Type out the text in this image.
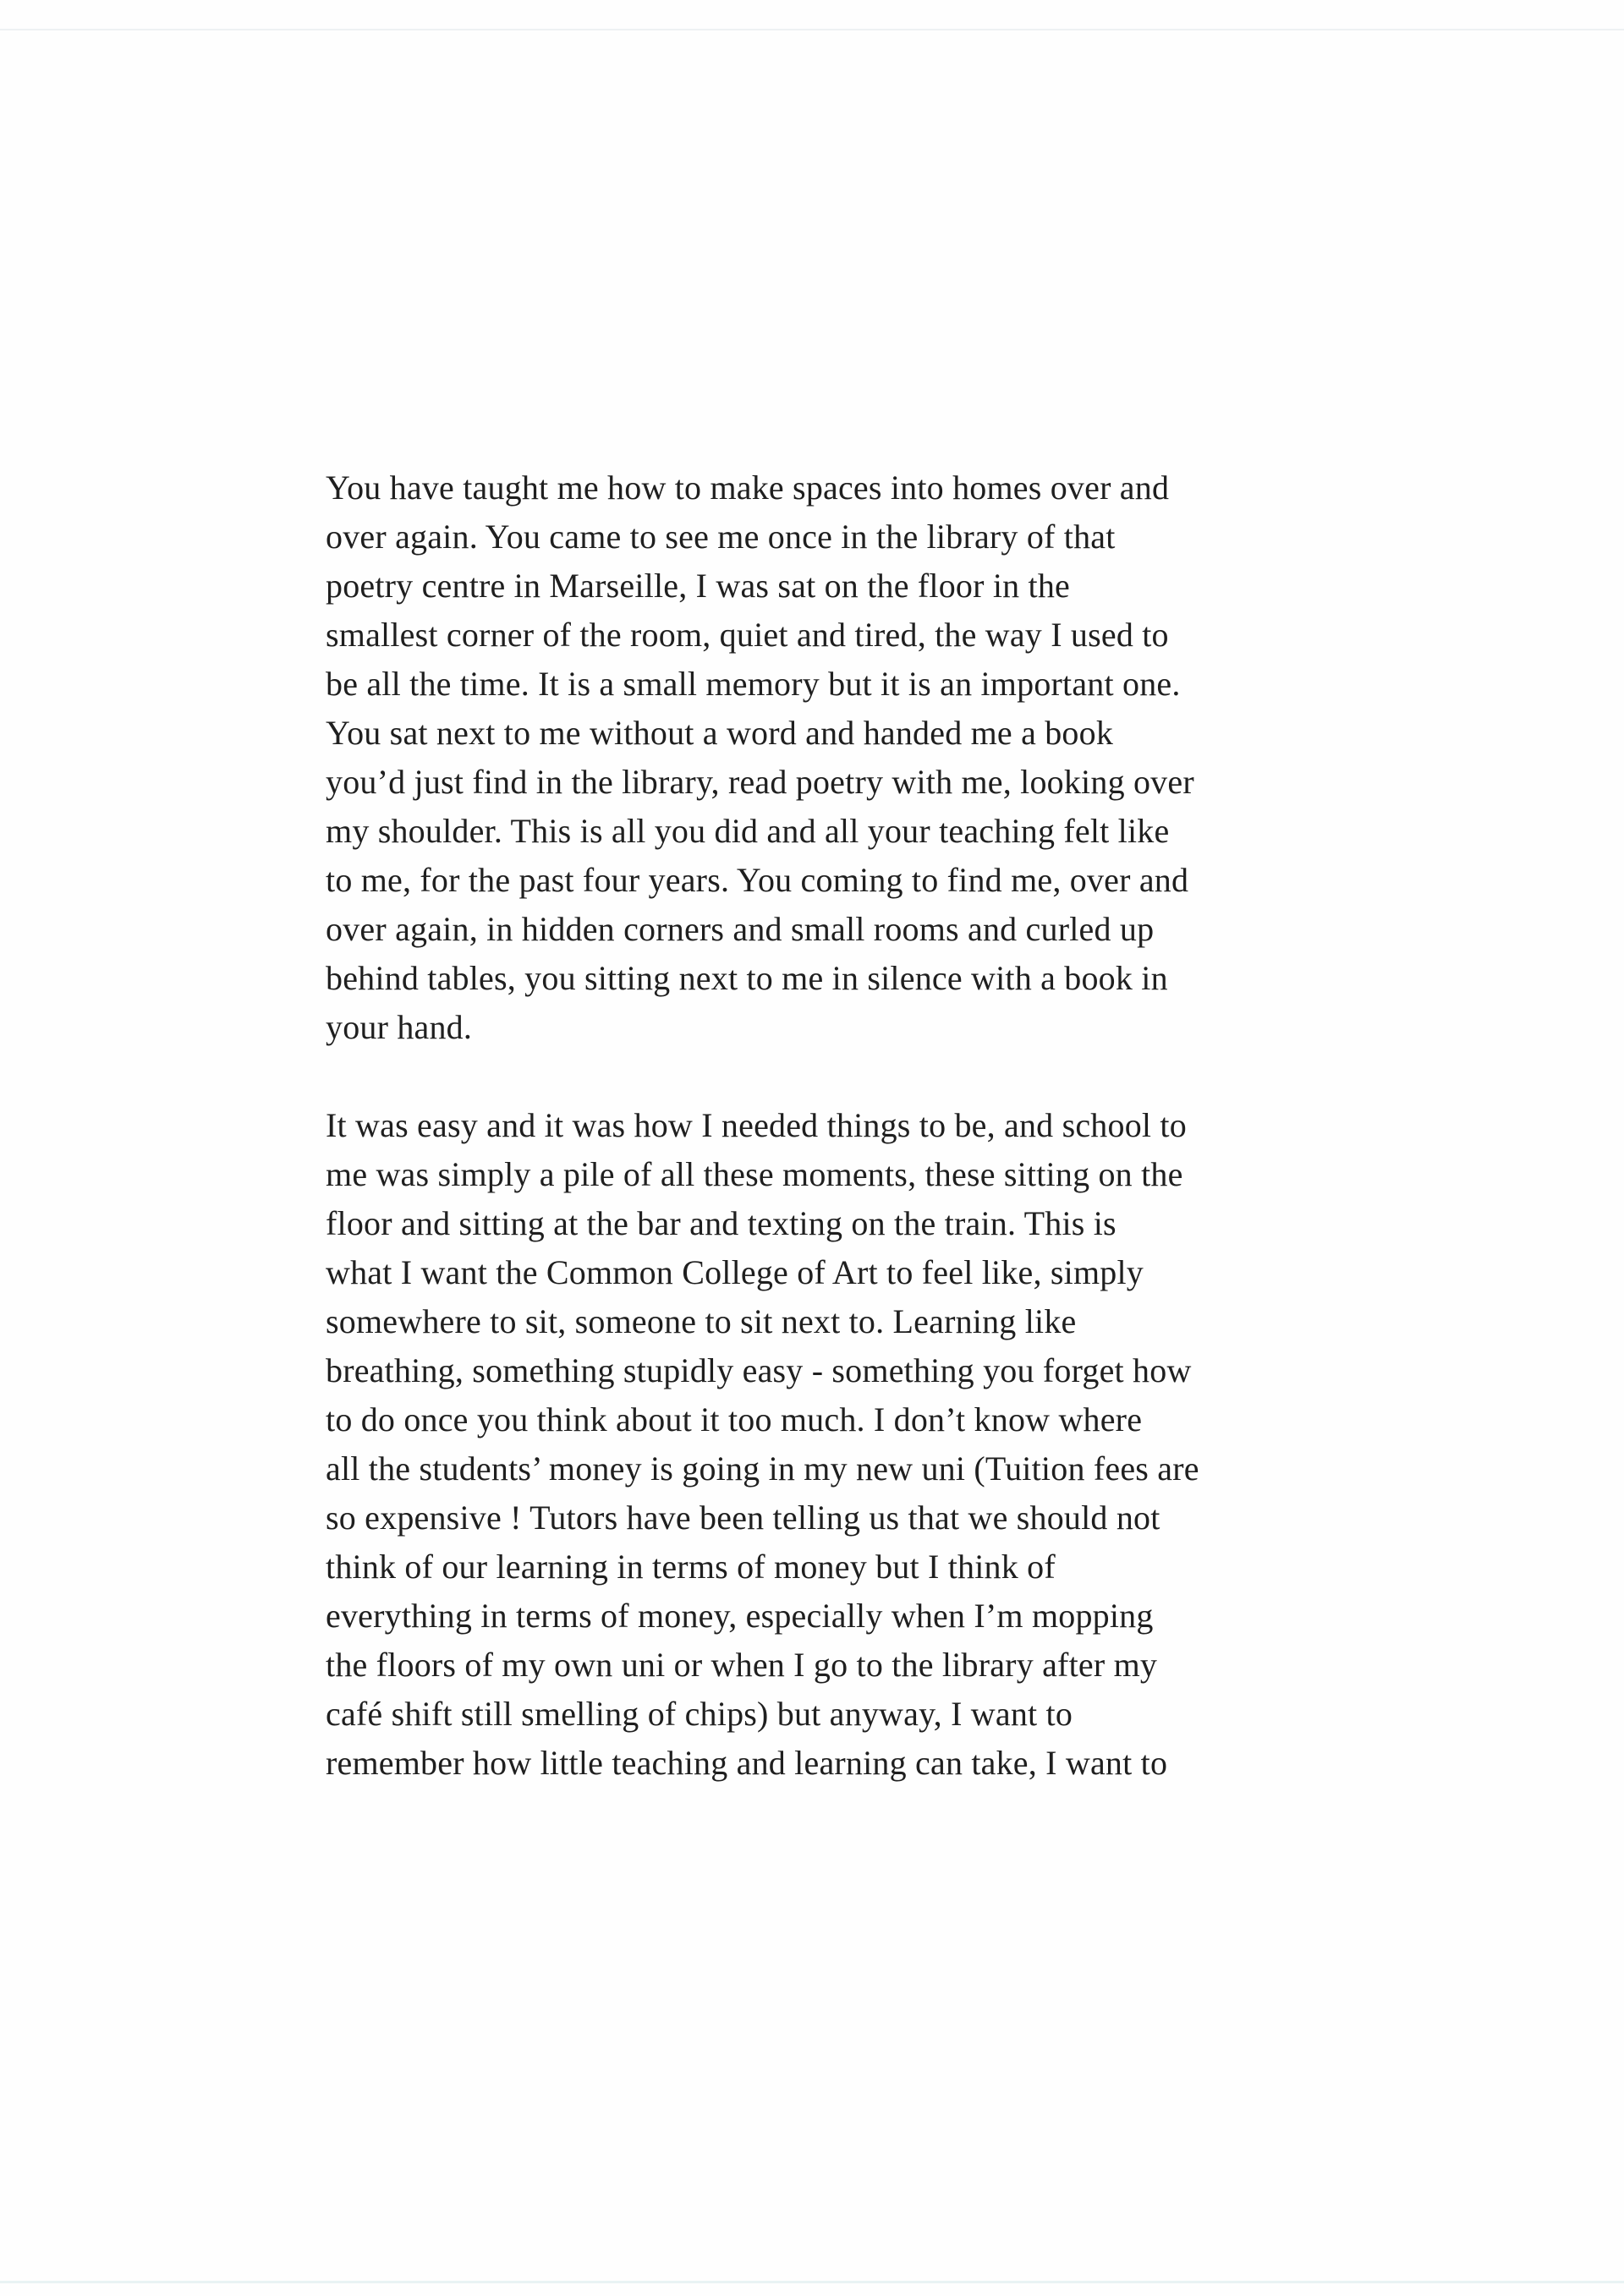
You have taught me how to make spaces into homes over and
over again. You came to see me once in the library of that
poetry centre in Marseille, I was sat on the floor in the
smallest corner of the room, quiet and tired, the way I used to
be all the time. It is a small memory but it is an important one.
You sat next to me without a word and handed me a book
you’d just find in the library, read poetry with me, looking over
my shoulder. This is all you did and all your teaching felt like
to me, for the past four years. You coming to find me, over and
over again, in hidden corners and small rooms and curled up
behind tables, you sitting next to me in silence with a book in
your hand.
It was easy and it was how I needed things to be, and school to
me was simply a pile of all these moments, these sitting on the
floor and sitting at the bar and texting on the train. This is
what I want the Common College of Art to feel like, simply
somewhere to sit, someone to sit next to. Learning like
breathing, something stupidly easy - something you forget how
to do once you think about it too much. I don’t know where
all the students’ money is going in my new uni (Tuition fees are
so expensive ! Tutors have been telling us that we should not
think of our learning in terms of money but I think of
everything in terms of money, especially when I’m mopping
the floors of my own uni or when I go to the library after my
café shift still smelling of chips) but anyway, I want to
remember how little teaching and learning can take, I want to
